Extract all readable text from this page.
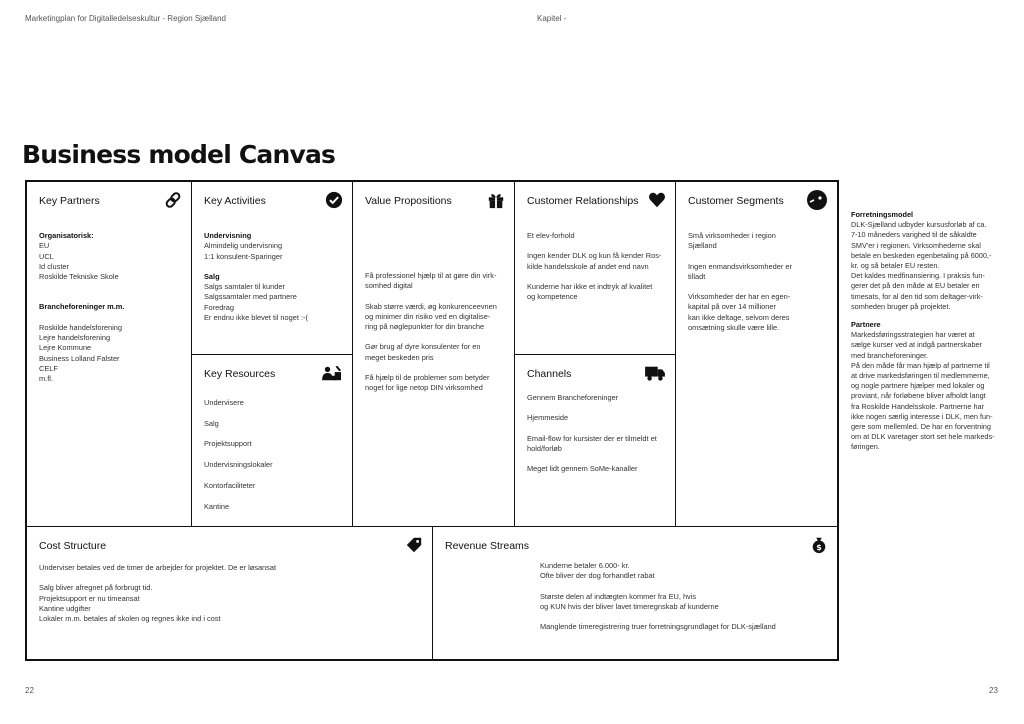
Marketingplan for Digitalledelseskultur - Region Sjælland	Kapitel -
Business model Canvas
Key Partners

Organisatorisk:

EU

UCL

Id cluster

Roskilde Tekniske Skole

Brancheforeninger m.m.

Roskilde handelsforening

Lejre handelsforening

Lejre Kommune

Business Lolland Falster

CELF

m.fl.

Key Activities

Undervisning

Almindelig undervisning

1:1 konsulent-Sparinger

Salg

Salgs samtaler til kunder

Salgssamtaler med partnere

Foredrag

Er endnu ikke blevet til noget :-(

Key Resources

Undervisere

Salg

Projektsupport

Undervisningslokaler

Kontorfaciliteter

Kantine

Value Propositions

Få professionel hjælp til at gøre din virk-

somhed digital

Skab større værdi, øg konkurenceevnen

og minimer din risiko ved en digitalise-

ring på nøglepunkter for din branche

Gør brug af dyre konsulenter for en

meget beskeden pris

Få hjælp til de problemer som betyder

noget for lige netop DIN virksomhed

Customer Relationships

Et elev-forhold

Ingen kender DLK og kun få kender Ros-

kilde handelsskole af andet end navn

Kunderne har ikke et indtryk af kvalitet

og kompetence

Channels

Gennem Brancheforeninger

Hjemmeside

Email-flow for kursister der er tilmeldt et

hold/forløb

Meget lidt gennem SoMe-kanaller

Customer Segments

Små virksomheder i region

Sjælland

Ingen enmandsvirksomheder er

tilladt

Virksomheder der har en egen-

kapital på over 14 millioner

kan ikke deltage, selvom deres

omsætning skulle være lille.

Cost Structure

Underviser betales ved de timer de arbejder for projektet. De er løsansat

Salg bliver afregnet på forbrugt tid.

Projektsupport er nu timeansat

Kantine udgifter

Lokaler m.m. betales af skolen og regnes ikke ind i cost

Revenue Streams	$

Kunderne betaler 6.000- kr.

Ofte bliver der dog forhandlet rabat

Største delen af indtægten kommer fra EU, hvis

og KUN hvis der bliver lavet timeregnskab af kunderne

Manglende timeregistrering truer forretningsgrundlaget for DLK-sjælland

Forretningsmodel

DLK-Sjælland udbyder kursusforløb af ca.

7-10 måneders varighed til de såkaldte

SMV'er i regionen. Virksomhederne skal

betale en beskeden egenbetaling på 6000,-

kr. og så betaler EU resten.

Det kaldes medfinansiering. I praksis fun-

gerer det på den måde at EU betaler en

timesats, for al den tid som deltager-virk-

somheden bruger på projektet.

Partnere

Markedsføringsstrategien har været at

sælge kurser ved at indgå partnerskaber

med brancheforeninger.

På den måde får man hjælp af partnerne til

at drive markedsføringen til medlemmerne,

og nogle partnere hjælper med lokaler og

proviant, når forløbene bliver afholdt langt

fra Roskilde Handelsskole. Partnerne har

ikke nogen særlig interesse i DLK, men fun-

gere som mellemled. De har en forventning

om at DLK varetager stort set hele markeds-

føringen.

22	23
